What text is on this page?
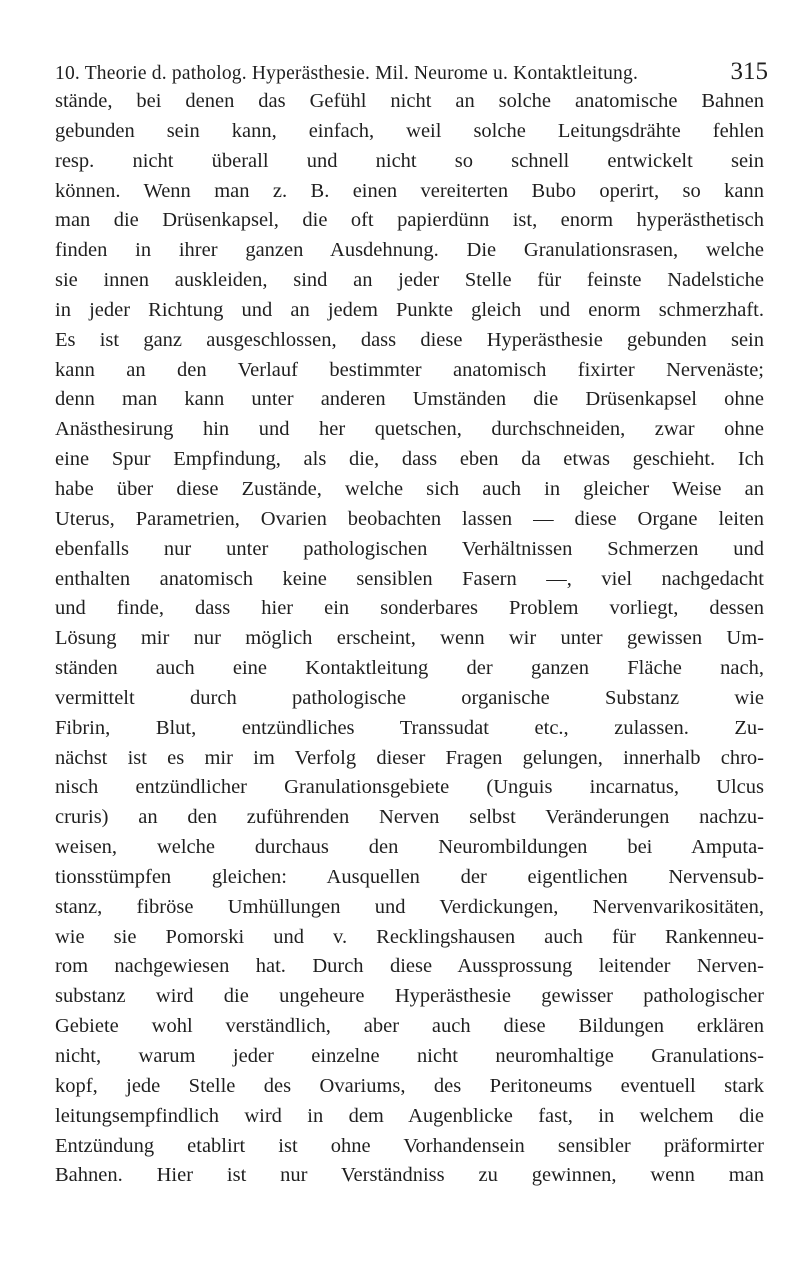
10. Theorie d. patholog. Hyperästhesie. Mil. Neurome u. Kontaktleitung.	315
stände, bei denen das Gefühl nicht an solche anatomische Bahnen
gebunden sein kann, einfach, weil solche Leitungsdrähte fehlen
resp. nicht überall und nicht so schnell entwickelt sein
können. Wenn man z. B. einen vereiterten Bubo operirt, so kann
man die Drüsenkapsel, die oft papierdünn ist, enorm hyperästhetisch
finden in ihrer ganzen Ausdehnung. Die Granulationsrasen, welche
sie innen auskleiden, sind an jeder Stelle für feinste Nadelstiche
in jeder Richtung und an jedem Punkte gleich und enorm schmerzhaft.
Es ist ganz ausgeschlossen, dass diese Hyperästhesie gebunden sein
kann an den Verlauf bestimmter anatomisch fixirter Nervenäste;
denn man kann unter anderen Umständen die Drüsenkapsel ohne
Anästhesirung hin und her quetschen, durchschneiden, zwar ohne
eine Spur Empfindung, als die, dass eben da etwas geschieht. Ich
habe über diese Zustände, welche sich auch in gleicher Weise an
Uterus, Parametrien, Ovarien beobachten lassen — diese Organe leiten
ebenfalls nur unter pathologischen Verhältnissen Schmerzen und
enthalten anatomisch keine sensiblen Fasern —, viel nachgedacht
und finde, dass hier ein sonderbares Problem vorliegt, dessen
Lösung mir nur möglich erscheint, wenn wir unter gewissen Um-
ständen auch eine Kontaktleitung der ganzen Fläche nach,
vermittelt durch pathologische organische Substanz wie
Fibrin, Blut, entzündliches Transsudat etc., zulassen. Zu-
nächst ist es mir im Verfolg dieser Fragen gelungen, innerhalb chro-
nisch entzündlicher Granulationsgebiete (Unguis incarnatus, Ulcus
cruris) an den zuführenden Nerven selbst Veränderungen nachzu-
weisen, welche durchaus den Neurombildungen bei Amputa-
tionsstümpfen gleichen: Ausquellen der eigentlichen Nervensub-
stanz, fibröse Umhüllungen und Verdickungen, Nervenvarikositäten,
wie sie Pomorski und v. Recklingshausen auch für Rankenneu-
rom nachgewiesen hat. Durch diese Aussprossung leitender Nerven-
substanz wird die ungeheure Hyperästhesie gewisser pathologischer
Gebiete wohl verständlich, aber auch diese Bildungen erklären
nicht, warum jeder einzelne nicht neuromhaltige Granulations-
kopf, jede Stelle des Ovariums, des Peritoneums eventuell stark
leitungsempfindlich wird in dem Augenblicke fast, in welchem die
Entzündung etablirt ist ohne Vorhandensein sensibler präformirter
Bahnen. Hier ist nur Verständniss zu gewinnen, wenn man
